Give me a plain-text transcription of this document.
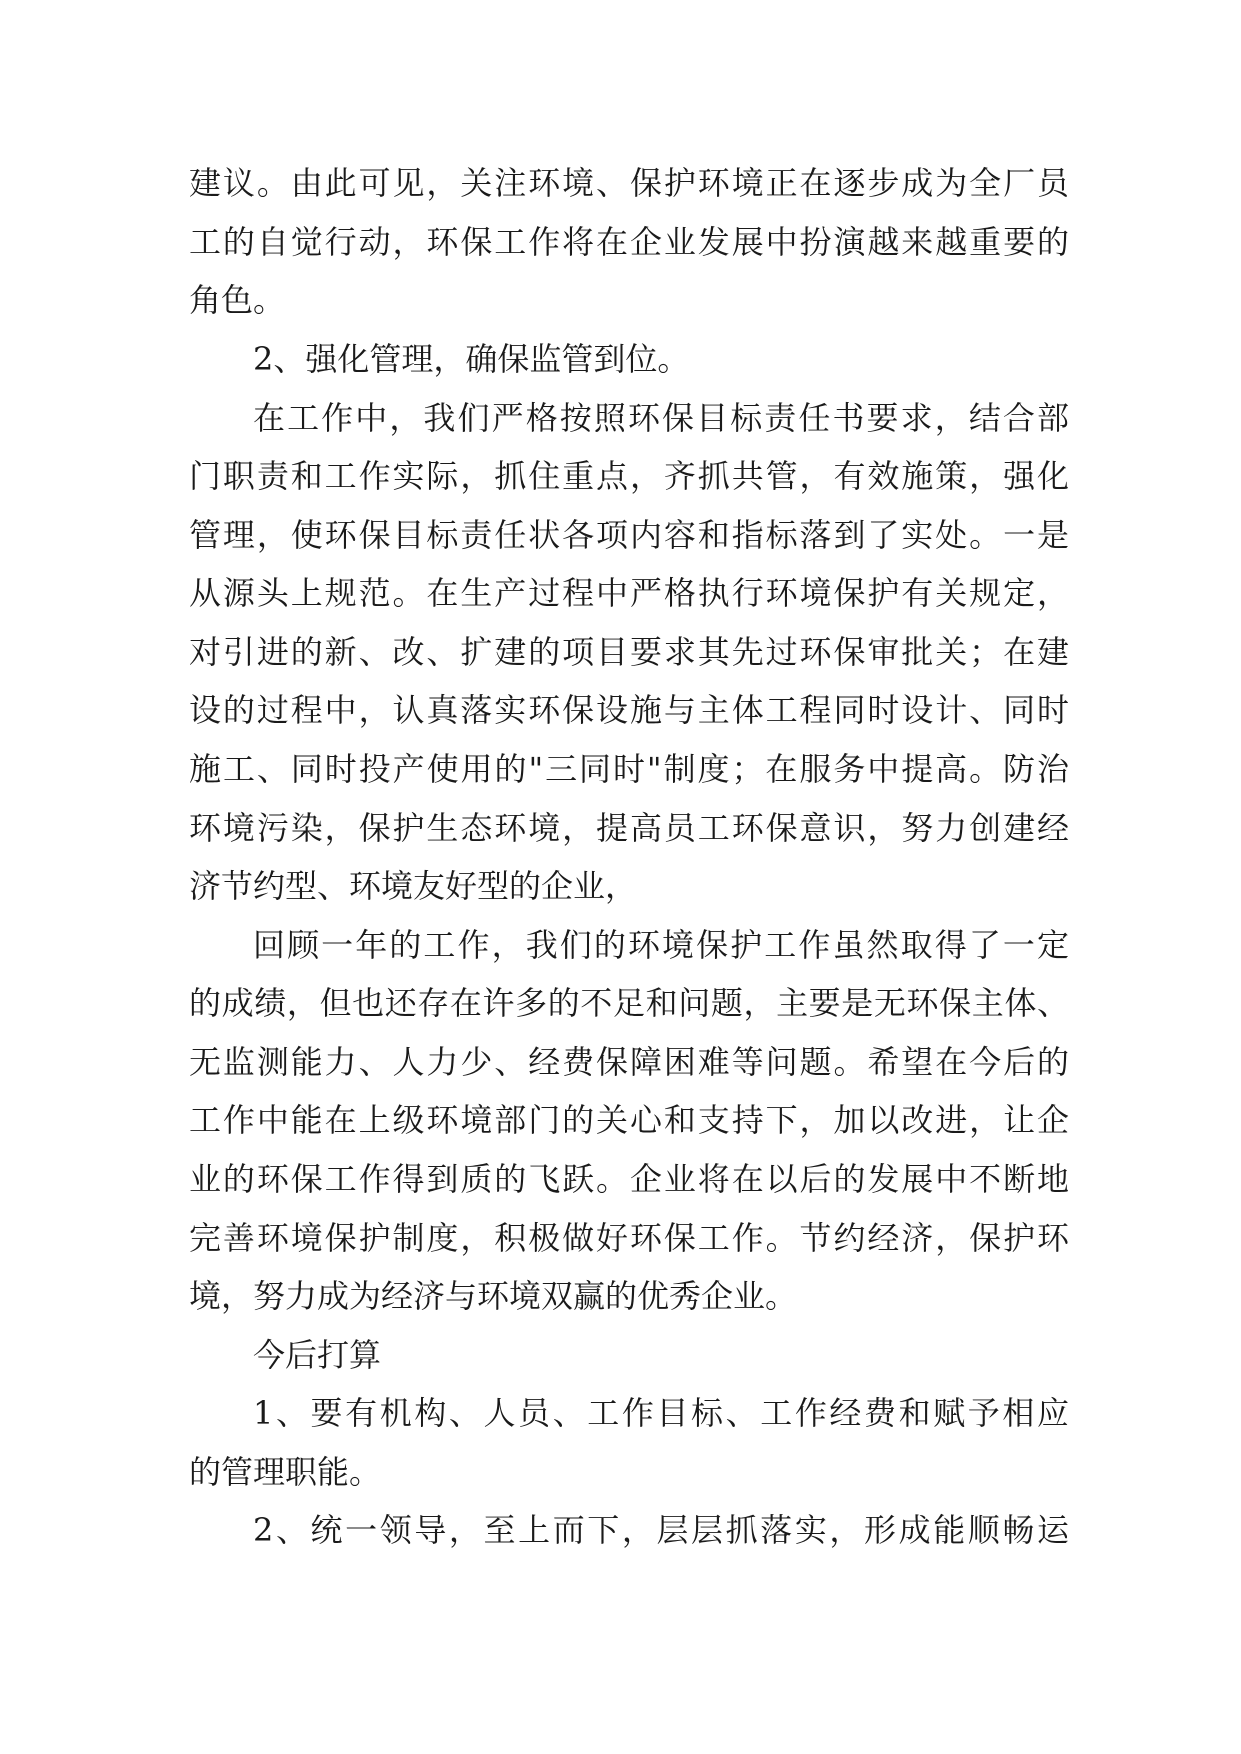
建议。由此可见，关注环境、保护环境正在逐步成为全厂员
工的自觉行动，环保工作将在企业发展中扮演越来越重要的
角色。
2、强化管理，确保监管到位。
在工作中，我们严格按照环保目标责任书要求，结合部
门职责和工作实际，抓住重点，齐抓共管，有效施策，强化
管理，使环保目标责任状各项内容和指标落到了实处。一是
从源头上规范。在生产过程中严格执行环境保护有关规定，
对引进的新、改、扩建的项目要求其先过环保审批关；在建
设的过程中，认真落实环保设施与主体工程同时设计、同时
施工、同时投产使用的"三同时"制度；在服务中提高。防治
环境污染，保护生态环境，提高员工环保意识，努力创建经
济节约型、环境友好型的企业，
回顾一年的工作，我们的环境保护工作虽然取得了一定
的成绩，但也还存在许多的不足和问题，主要是无环保主体、
无监测能力、人力少、经费保障困难等问题。希望在今后的
工作中能在上级环境部门的关心和支持下，加以改进，让企
业的环保工作得到质的飞跃。企业将在以后的发展中不断地
完善环境保护制度，积极做好环保工作。节约经济，保护环
境，努力成为经济与环境双赢的优秀企业。
今后打算
1、要有机构、人员、工作目标、工作经费和赋予相应
的管理职能。
2、统一领导，至上而下，层层抓落实，形成能顺畅运
